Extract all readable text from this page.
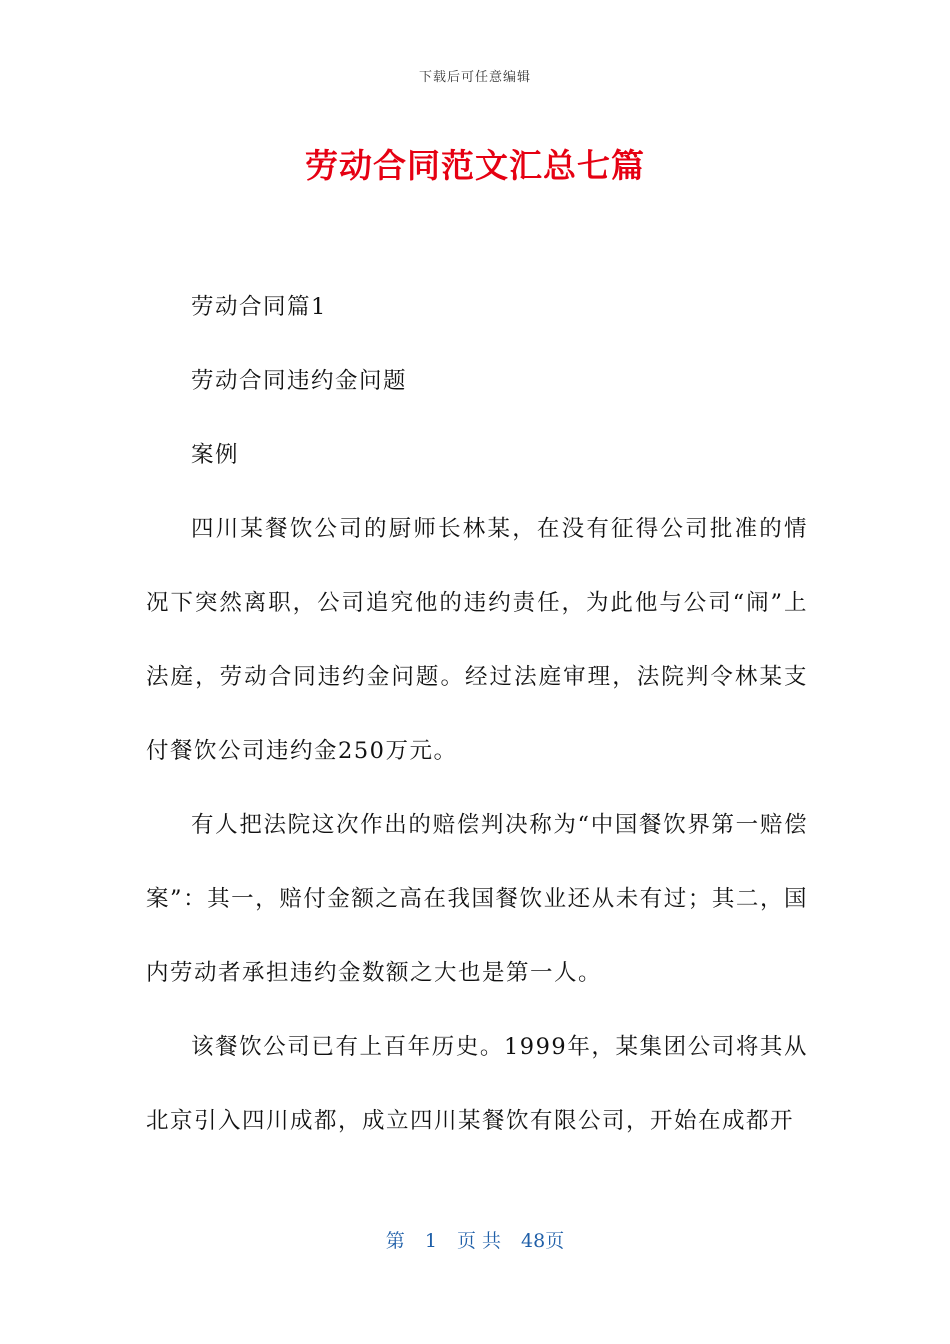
下载后可任意编辑
劳动合同范文汇总七篇

劳动合同篇1

劳动合同违约金问题

案例

四川某餐饮公司的厨师长林某，在没有征得公司批准的情况下突然离职，公司追究他的违约责任，为此他与公司“闹”上法庭，劳动合同违约金问题。经过法庭审理，法院判令林某支付餐饮公司违约金250万元。

有人把法院这次作出的赔偿判决称为“中国餐饮界第一赔偿案”：其一，赔付金额之高在我国餐饮业还从未有过；其二，国内劳动者承担违约金数额之大也是第一人。

该餐饮公司已有上百年历史。1999年，某集团公司将其从北京引入四川成都，成立四川某餐饮有限公司，开始在成都开

第 1 页 共 48页
